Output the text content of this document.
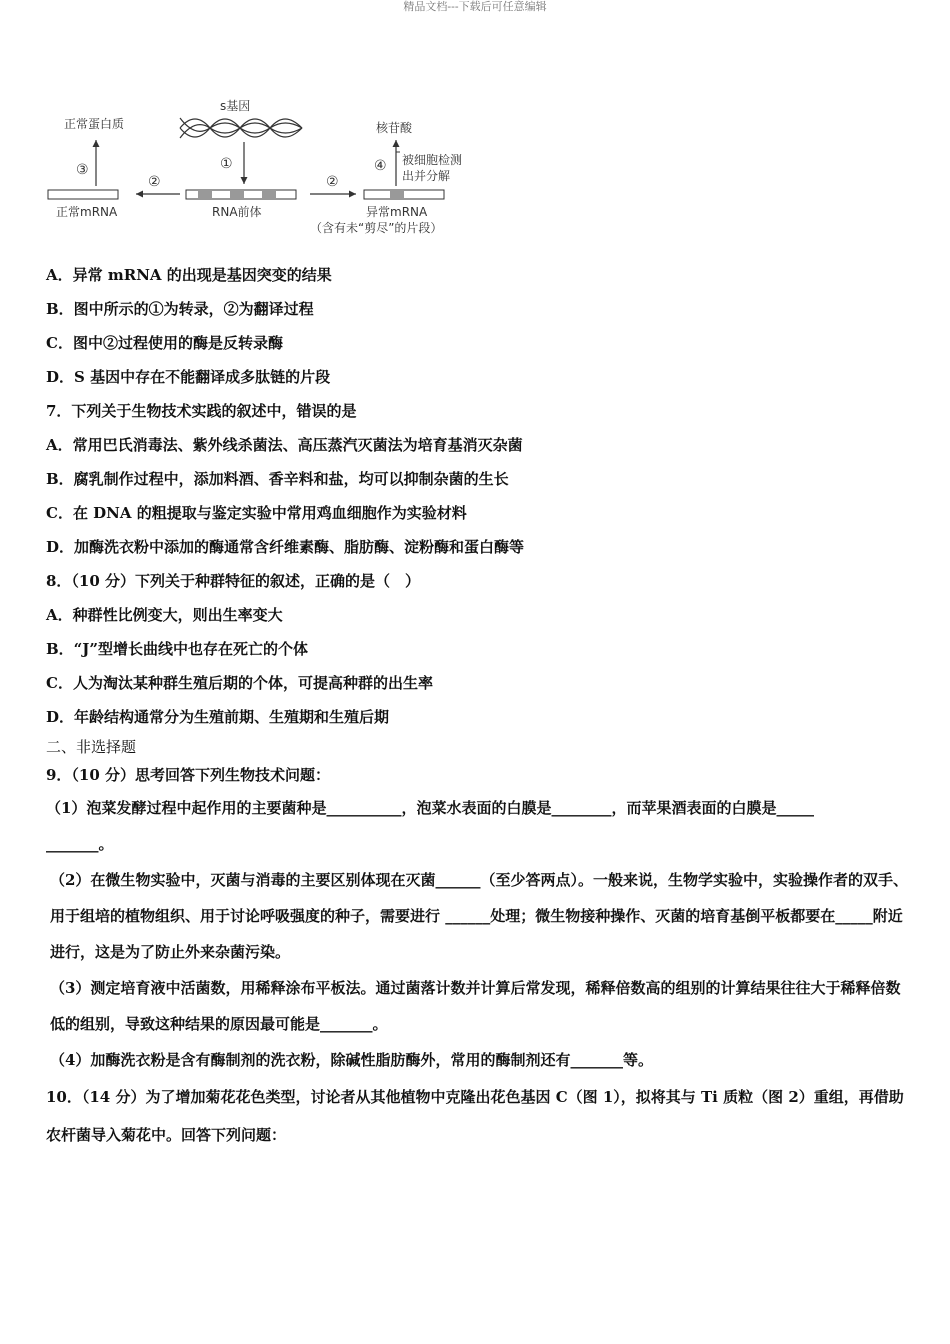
精品文档---下载后可任意编辑
s基因
①
RNA前体
②
正常mRNA
③
正常蛋白质
②
异常mRNA
（含有未“剪尽”的片段）
④ 被细胞检测
出并分解
核苷酸
A．异常 mRNA 的出现是基因突变的结果
B．图中所示的①为转录，②为翻译过程
C．图中②过程使用的酶是反转录酶
D．S 基因中存在不能翻译成多肽链的片段
7．下列关于生物技术实践的叙述中，错误的是
A．常用巴氏消毒法、紫外线杀菌法、高压蒸汽灭菌法为培育基消灭杂菌
B．腐乳制作过程中，添加料酒、香辛料和盐，均可以抑制杂菌的生长
C．在 DNA 的粗提取与鉴定实验中常用鸡血细胞作为实验材料
D．加酶洗衣粉中添加的酶通常含纤维素酶、脂肪酶、淀粉酶和蛋白酶等
8．（10 分）下列关于种群特征的叙述，正确的是（　）
A．种群性比例变大，则出生率变大
B．“J”型增长曲线中也存在死亡的个体
C．人为淘汰某种群生殖后期的个体，可提高种群的出生率
D．年龄结构通常分为生殖前期、生殖期和生殖后期
二、非选择题
9．（10 分）思考回答下列生物技术问题：
（1）泡菜发酵过程中起作用的主要菌种是__________，泡菜水表面的白膜是________，而苹果酒表面的白膜是_____
_______。
（2）在微生物实验中，灭菌与消毒的主要区别体现在灭菌______（至少答两点）。一般来说，生物学实验中，实验操作者的双手、用于组培的植物组织、用于讨论呼吸强度的种子，需要进行 ______处理；微生物接种操作、灭菌的培育基倒平板都要在_____附近进行，这是为了防止外来杂菌污染。
（3）测定培育液中活菌数，用稀释涂布平板法。通过菌落计数并计算后常发现，稀释倍数高的组别的计算结果往往大于稀释倍数低的组别，导致这种结果的原因最可能是_______。
（4）加酶洗衣粉是含有酶制剂的洗衣粉，除碱性脂肪酶外，常用的酶制剂还有_______等。
10．（14 分）为了增加菊花花色类型，讨论者从其他植物中克隆出花色基因 C（图 1），拟将其与 Ti 质粒（图 2）重组，再借助农杆菌导入菊花中。回答下列问题：
